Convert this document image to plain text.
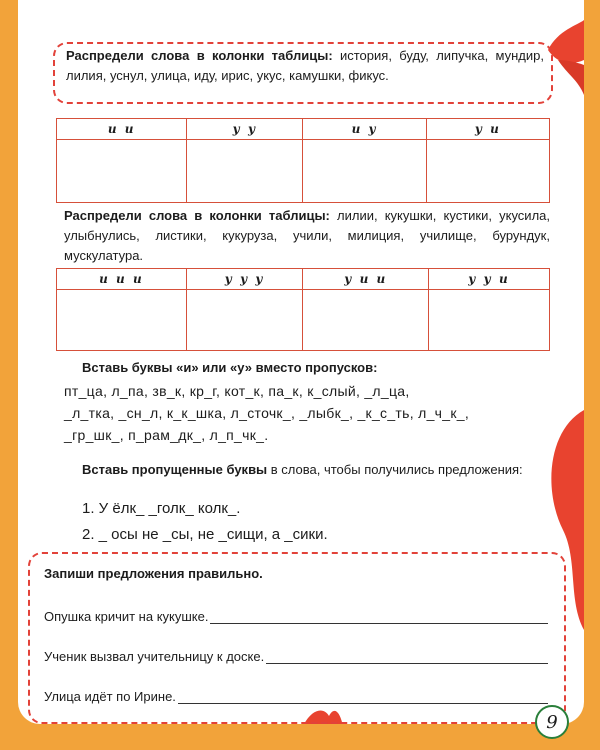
Распредели слова в колонки таблицы: история, буду, липучка, мундир, лилия, уснул, улица, иду, ирис, укус, камушки, фикус.
и и	у у	и у	у и

Распредели слова в колонки таблицы: лилии, кукушки, кустики, укусила, улыбнулись, листики, кукуруза, учили, милиция, училище, бурундук, мускулатура.
и и и	у у у	у и и	у у и

Вставь буквы «и» или «у» вместо пропусков:
пт_ца, л_па, зв_к, кр_г, кот_к, па_к, к_слый, _л_ца,
_л_тка, _сн_л, к_к_шка, л_сточк_, _лыбк_, _к_с_ть, л_ч_к_,
_гр_шк_, п_рам_дк_, л_п_чк_.
Вставь пропущенные буквы в слова, чтобы получились предложения:
1. У ёлк_ _голк_ колк_.
2. _ осы не _сы, не _сищи, а _сики.
Запиши предложения правильно.
Опушка кричит на кукушке.
Ученик вызвал учительницу к доске.
Улица идёт по Ирине.
9
